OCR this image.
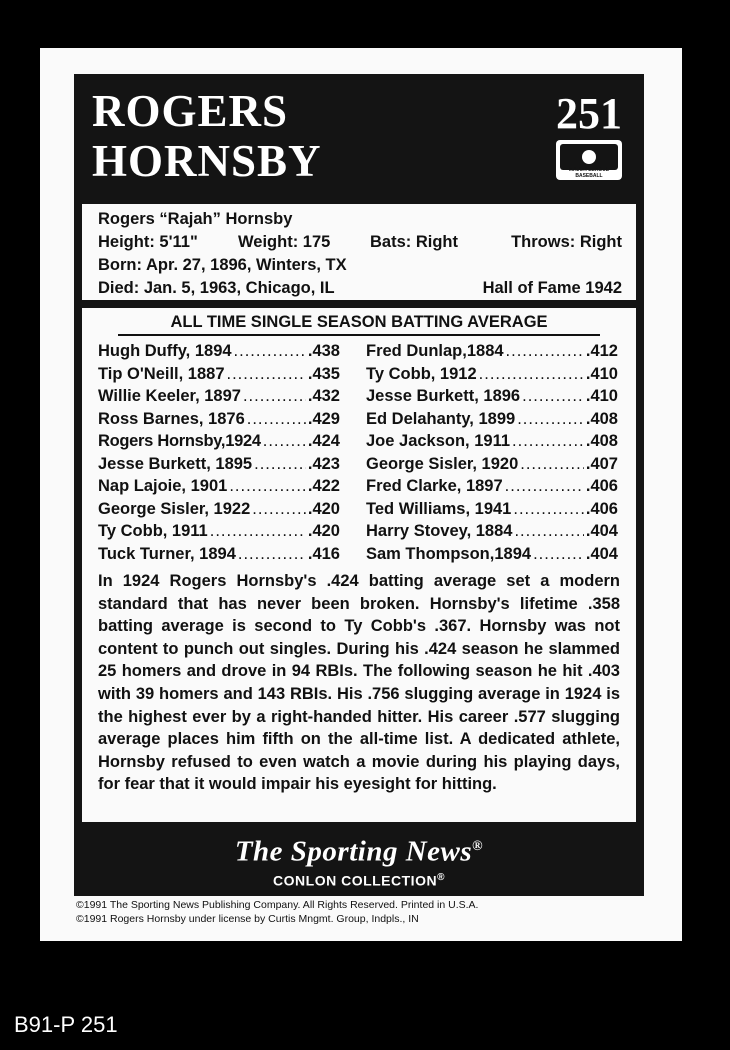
ROGERS
HORNSBY
251
MAJOR LEAGUE BASEBALL
Rogers “Rajah” Hornsby
Height: 5'11" Weight: 175 Bats: Right	Throws: Right
Born: Apr. 27, 1896, Winters, TX
Died: Jan. 5, 1963, Chicago, IL	Hall of Fame 1942
ALL TIME SINGLE SEASON BATTING AVERAGE
Hugh Duffy, 1894 .....	.438
Tip O'Neill, 1887 .....	.435
Willie Keeler, 1897 .....	.432
Ross Barnes, 1876 .....	.429
Rogers Hornsby,1924 .....	.424
Jesse Burkett, 1895 .....	.423
Nap Lajoie, 1901 .....	.422
George Sisler, 1922 .....	.420
Ty Cobb, 1911 .....	.420
Tuck Turner, 1894 .....	.416
Fred Dunlap,1884 .....	.412
Ty Cobb, 1912 .....	.410
Jesse Burkett, 1896 .....	.410
Ed Delahanty, 1899 .....	.408
Joe Jackson, 1911 .....	.408
George Sisler, 1920 .....	.407
Fred Clarke, 1897 .....	.406
Ted Williams, 1941 .....	.406
Harry Stovey, 1884 .....	.404
Sam Thompson,1894 .....	.404
In 1924 Rogers Hornsby's .424 batting average set a modern standard that has never been broken. Hornsby's lifetime .358 batting average is second to Ty Cobb's .367. Hornsby was not content to punch out singles. During his .424 season he slammed 25 homers and drove in 94 RBIs. The following season he hit .403 with 39 homers and 143 RBIs. His .756 slugging average in 1924 is the highest ever by a right-handed hitter. His career .577 slugging average places him fifth on the all-time list. A dedicated athlete, Hornsby refused to even watch a movie during his playing days, for fear that it would impair his eyesight for hitting.
The Sporting News®
CONLON COLLECTION®
©1991 The Sporting News Publishing Company. All Rights Reserved. Printed in U.S.A.
©1991 Rogers Hornsby under license by Curtis Mngmt. Group, Indpls., IN
B91-P 251
